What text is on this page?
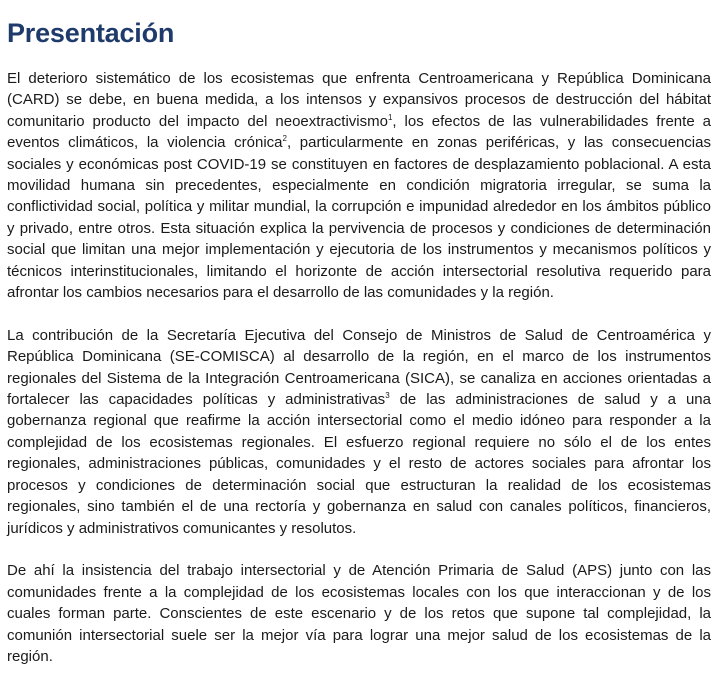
Presentación

El deterioro sistemático de los ecosistemas que enfrenta Centroamericana y República Dominicana (CARD) se debe, en buena medida, a los intensos y expansivos procesos de destrucción del hábitat comunitario producto del impacto del neoextractivismo$^1$, los efectos de las vulnerabilidades frente a eventos climáticos, la violencia crónica$^2$, particularmente en zonas periféricas, y las consecuencias sociales y económicas post COVID-19 se constituyen en factores de desplazamiento poblacional. A esta movilidad humana sin precedentes, especialmente en condición migratoria irregular, se suma la conflictividad social, política y militar mundial, la corrupción e impunidad alrededor en los ámbitos público y privado, entre otros. Esta situación explica la pervivencia de procesos y condiciones de determinación social que limitan una mejor implementación y ejecutoria de los instrumentos y mecanismos políticos y técnicos interinstitucionales, limitando el horizonte de acción intersectorial resolutiva requerido para afrontar los cambios necesarios para el desarrollo de las comunidades y la región.

La contribución de la Secretaría Ejecutiva del Consejo de Ministros de Salud de Centroamérica y República Dominicana (SE-COMISCA) al desarrollo de la región, en el marco de los instrumentos regionales del Sistema de la Integración Centroamericana (SICA), se canaliza en acciones orientadas a fortalecer las capacidades políticas y administrativas$^3$ de las administraciones de salud y a una gobernanza regional que reafirme la acción intersectorial como el medio idóneo para responder a la complejidad de los ecosistemas regionales. El esfuerzo regional requiere no sólo el de los entes regionales, administraciones públicas, comunidades y el resto de actores sociales para afrontar los procesos y condiciones de determinación social que estructuran la realidad de los ecosistemas regionales, sino también el de una rectoría y gobernanza en salud con canales políticos, financieros, jurídicos y administrativos comunicantes y resolutos.

De ahí la insistencia del trabajo intersectorial y de Atención Primaria de Salud (APS) junto con las comunidades frente a la complejidad de los ecosistemas locales con los que interaccionan y de los cuales forman parte. Conscientes de este escenario y de los retos que supone tal complejidad, la comunión intersectorial suele ser la mejor vía para lograr una mejor salud de los ecosistemas de la región.
